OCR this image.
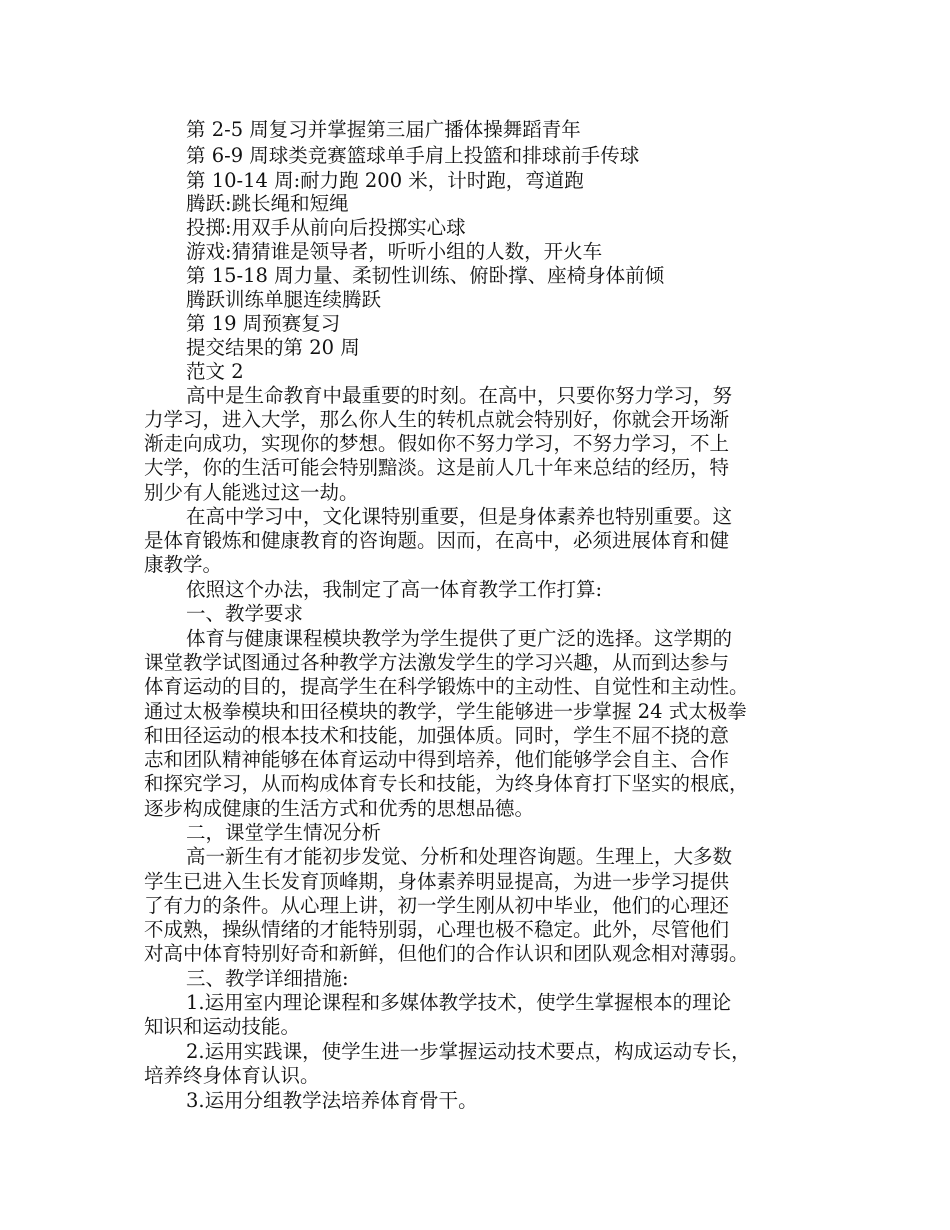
第 2-5 周复习并掌握第三届广播体操舞蹈青年
第 6-9 周球类竞赛篮球单手肩上投篮和排球前手传球
第 10-14 周:耐力跑 200 米，计时跑，弯道跑
腾跃:跳长绳和短绳
投掷:用双手从前向后投掷实心球
游戏:猜猜谁是领导者，听听小组的人数，开火车
第 15-18 周力量、柔韧性训练、俯卧撑、座椅身体前倾
腾跃训练单腿连续腾跃
第 19 周预赛复习
提交结果的第 20 周
范文 2
高中是生命教育中最重要的时刻。在高中，只要你努力学习，努
力学习，进入大学，那么你人生的转机点就会特别好，你就会开场渐
渐走向成功，实现你的梦想。假如你不努力学习，不努力学习，不上
大学，你的生活可能会特别黯淡。这是前人几十年来总结的经历，特
别少有人能逃过这一劫。
在高中学习中，文化课特别重要，但是身体素养也特别重要。这
是体育锻炼和健康教育的咨询题。因而，在高中，必须进展体育和健
康教学。
依照这个办法，我制定了高一体育教学工作打算:
一、教学要求
体育与健康课程模块教学为学生提供了更广泛的选择。这学期的
课堂教学试图通过各种教学方法激发学生的学习兴趣，从而到达参与
体育运动的目的，提高学生在科学锻炼中的主动性、自觉性和主动性。
通过太极拳模块和田径模块的教学，学生能够进一步掌握 24 式太极拳
和田径运动的根本技术和技能，加强体质。同时，学生不屈不挠的意
志和团队精神能够在体育运动中得到培养，他们能够学会自主、合作
和探究学习，从而构成体育专长和技能，为终身体育打下坚实的根底，
逐步构成健康的生活方式和优秀的思想品德。
二，课堂学生情况分析
高一新生有才能初步发觉、分析和处理咨询题。生理上，大多数
学生已进入生长发育顶峰期，身体素养明显提高，为进一步学习提供
了有力的条件。从心理上讲，初一学生刚从初中毕业，他们的心理还
不成熟，操纵情绪的才能特别弱，心理也极不稳定。此外，尽管他们
对高中体育特别好奇和新鲜，但他们的合作认识和团队观念相对薄弱。
三、教学详细措施:
1.运用室内理论课程和多媒体教学技术，使学生掌握根本的理论
知识和运动技能。
2.运用实践课，使学生进一步掌握运动技术要点，构成运动专长，
培养终身体育认识。
3.运用分组教学法培养体育骨干。
